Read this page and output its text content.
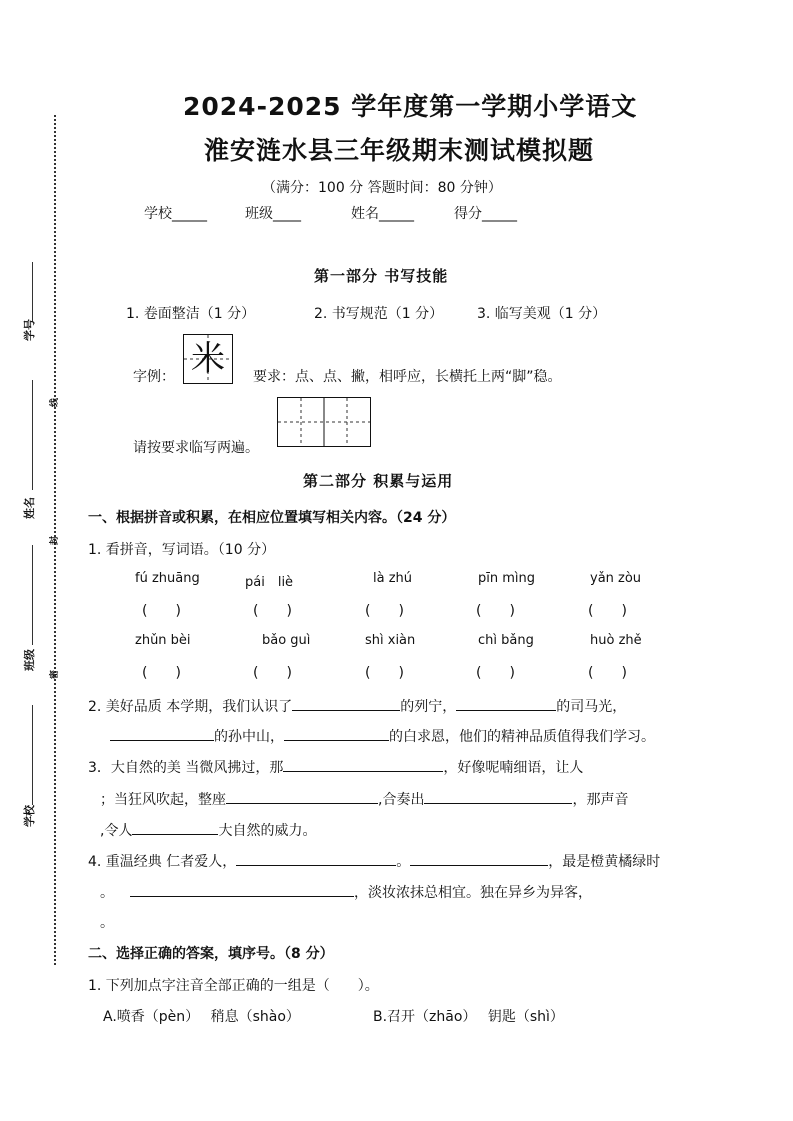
学号
姓名
班级
学校
线
封
密
2024-2025 学年度第一学期小学语文
淮安涟水县三年级期末测试模拟题
（满分：100 分 答题时间：80 分钟）
学校_____	班级____	姓名_____	得分_____
第一部分 书写技能
1. 卷面整洁（1 分）	2. 书写规范（1 分） 3. 临写美观（1 分）
字例： 米	要求：点、点、撇，相呼应，长横托上两“脚”稳。
请按要求临写两遍。
第二部分 积累与运用
一、根据拼音或积累，在相应位置填写相关内容。（24 分）
1. 看拼音，写词语。（10 分）
fú zhuāng	pái　liè	là zhú	pīn mìng	yǎn zòu
(　　)	(　　)	(　　)	(　　)	(　　)
zhǔn bèi	bǎo guì	shì xiàn	chì bǎng	huò zhě
(　　)	(　　)	(　　)	(　　)	(　　)
2. 美好品质 本学期，我们认识了	的列宁，	的司马光，
的孙中山，	的白求恩，他们的精神品质值得我们学习。
3．大自然的美 当微风拂过，那	，好像呢喃细语，让人
；当狂风吹起，整座	,合奏出	，那声音
,令人	大自然的威力。
4. 重温经典 仁者爱人，	。	，最是橙黄橘绿时
。	，淡妆浓抹总相宜。独在异乡为异客，
。
二、选择正确的答案，填序号。（8 分）
1. 下列加点字注音全部正确的一组是（　　）。
A.喷香（pèn）　 稍息（shào）	B.召开（zhāo）　 钥匙（shì）
